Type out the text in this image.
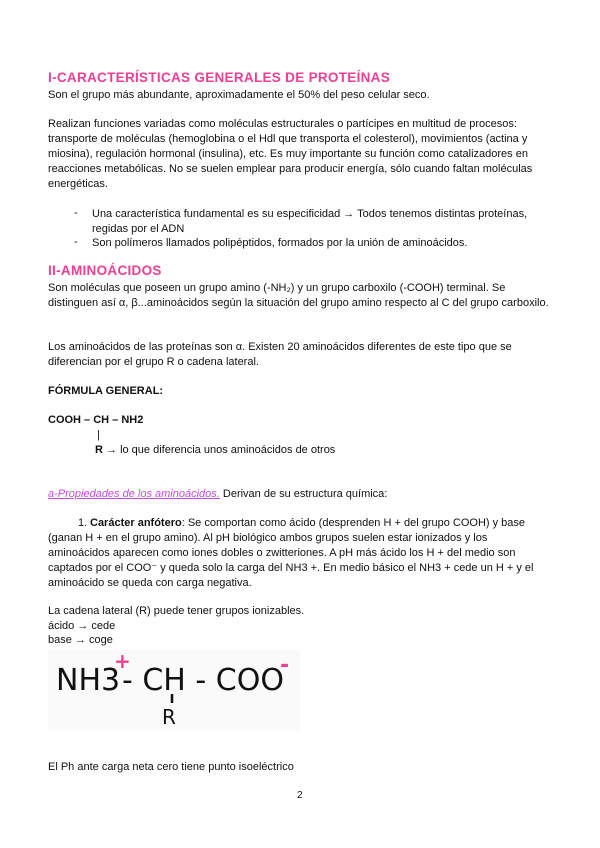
I-CARACTERÍSTICAS GENERALES DE PROTEÍNAS
Son el grupo más abundante, aproximadamente el 50% del peso celular seco.
Realizan funciones variadas como moléculas estructurales o partícipes en multitud de procesos: transporte de moléculas (hemoglobina o el Hdl que transporta el colesterol), movimientos (actina y miosina), regulación hormonal (insulina), etc. Es muy importante su función como catalizadores en reacciones metabólicas. No se suelen emplear para producir energía, sólo cuando faltan moléculas energéticas.
- Una característica fundamental es su especificidad → Todos tenemos distintas proteínas, regidas por el ADN
- Son polímeros llamados polipéptidos, formados por la unión de aminoácidos.
II-AMINOÁCIDOS
Son moléculas que poseen un grupo amino (-NH₂) y un grupo carboxilo (-COOH) terminal. Se distinguen así α, β...aminoácidos según la situación del grupo amino respecto al C del grupo carboxilo.
Los aminoácidos de las proteínas son α. Existen 20 aminoácidos diferentes de este tipo que se diferencian por el grupo R o cadena lateral.
FÓRMULA GENERAL:
COOH – CH – NH2
|
R → lo que diferencia unos aminoácidos de otros
a-Propiedades de los aminoácidos. Derivan de su estructura química:
1. Carácter anfótero: Se comportan como ácido (desprenden H + del grupo COOH) y base (ganan H + en el grupo amino). Al pH biológico ambos grupos suelen estar ionizados y los aminoácidos aparecen como iones dobles o zwitteriones. A pH más ácido los H + del medio son captados por el COO⁻ y queda solo la carga del NH3 +. En medio básico el NH3 + cede un H + y el aminoácido se queda con carga negativa.
La cadena lateral (R) puede tener grupos ionizables.
ácido → cede
base → coge
NH3
+
- CH - COO
-
R
El Ph ante carga neta cero tiene punto isoeléctrico
2
